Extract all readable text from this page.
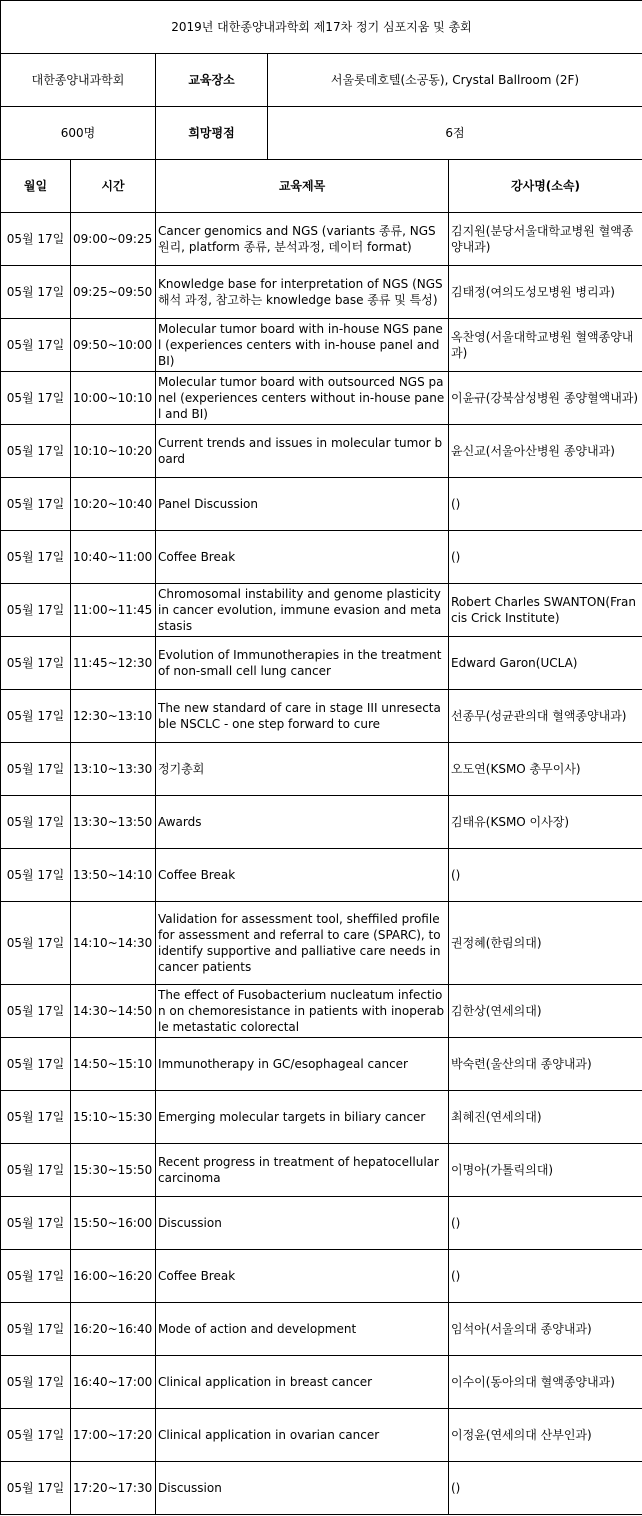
2019년 대한종양내과학회 제17차 정기 심포지움 및 총회				
대한종양내과학회		교육장소	서울롯데호텔(소공동), Crystal Ballroom (2F)	
600명		희망평점	6점	
월일	시간	교육제목		강사명(소속)
05월 17일	09:00~09:25	Cancer genomics and NGS (variants 종류, NGS 원리, platform 종류, 분석과정, 데이터 format)		김지원(분당서울대학교병원 혈액종양내과)
05월 17일	09:25~09:50	Knowledge base for interpretation of NGS (NGS 해석 과정, 참고하는 knowledge base 종류 및 특성)		김태정(여의도성모병원 병리과)
05월 17일	09:50~10:00	Molecular tumor board with in-house NGS panel (experiences centers with in-house panel and BI)		옥찬영(서울대학교병원 혈액종양내과)
05월 17일	10:00~10:10	Molecular tumor board with outsourced NGS panel (experiences centers without in-house panel and BI)		이윤규(강북삼성병원 종양혈액내과)
05월 17일	10:10~10:20	Current trends and issues in molecular tumor board		윤신교(서울아산병원 종양내과)
05월 17일	10:20~10:40	Panel Discussion		()
05월 17일	10:40~11:00	Coffee Break		()
05월 17일	11:00~11:45	Chromosomal instability and genome plasticity in cancer evolution, immune evasion and metastasis		Robert Charles SWANTON(Francis Crick Institute)
05월 17일	11:45~12:30	Evolution of Immunotherapies in the treatment of non-small cell lung cancer		Edward Garon(UCLA)
05월 17일	12:30~13:10	The new standard of care in stage III unresectable NSCLC - one step forward to cure		선종무(성균관의대 혈액종양내과)
05월 17일	13:10~13:30	정기총회		오도연(KSMO 총무이사)
05월 17일	13:30~13:50	Awards		김태유(KSMO 이사장)
05월 17일	13:50~14:10	Coffee Break		()
05월 17일	14:10~14:30	Validation for assessment tool, sheffiled profile for assessment and referral to care (SPARC), to identify supportive and palliative care needs in cancer patients		권정혜(한림의대)
05월 17일	14:30~14:50	The effect of Fusobacterium nucleatum infection on chemoresistance in patients with inoperable metastatic colorectal		김한상(연세의대)
05월 17일	14:50~15:10	Immunotherapy in GC/esophageal cancer		박숙련(울산의대 종양내과)
05월 17일	15:10~15:30	Emerging molecular targets in biliary cancer		최혜진(연세의대)
05월 17일	15:30~15:50	Recent progress in treatment of hepatocellular carcinoma		이명아(가톨릭의대)
05월 17일	15:50~16:00	Discussion		()
05월 17일	16:00~16:20	Coffee Break		()
05월 17일	16:20~16:40	Mode of action and development		임석아(서울의대 종양내과)
05월 17일	16:40~17:00	Clinical application in breast cancer		이수이(동아의대 혈액종양내과)
05월 17일	17:00~17:20	Clinical application in ovarian cancer		이정윤(연세의대 산부인과)
05월 17일	17:20~17:30	Discussion		()
